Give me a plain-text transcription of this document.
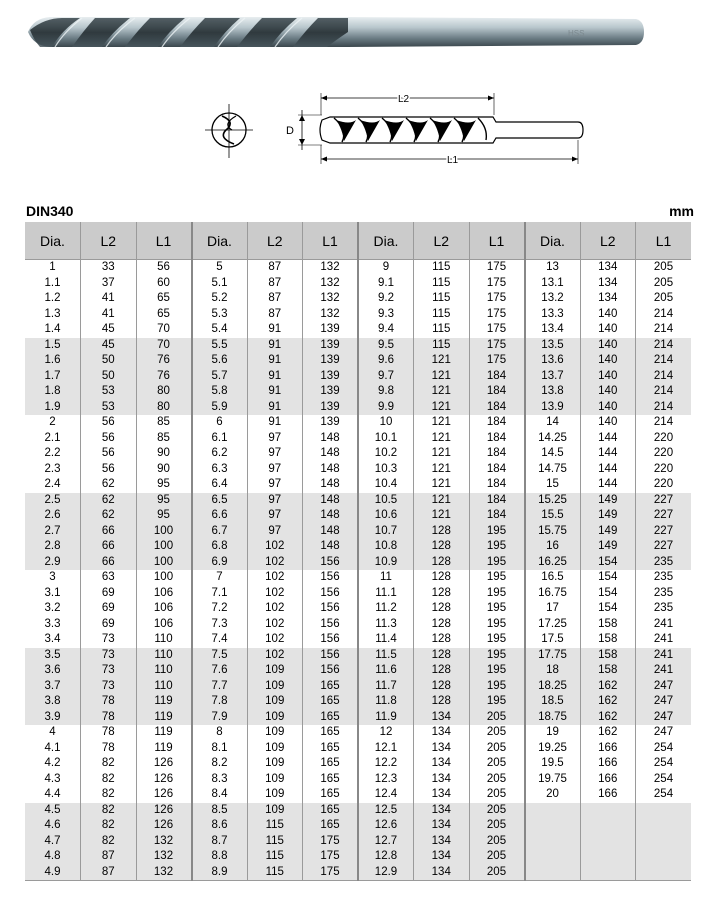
HSS
L2
L1
D
DIN340	mm
Dia.	L2	L1	Dia.	L2	L1	Dia.	L2	L1	Dia.	L2	L1
1	33	56	5	87	132	9	115	175	13	134	205
1.1	37	60	5.1	87	132	9.1	115	175	13.1	134	205
1.2	41	65	5.2	87	132	9.2	115	175	13.2	134	205
1.3	41	65	5.3	87	132	9.3	115	175	13.3	140	214
1.4	45	70	5.4	91	139	9.4	115	175	13.4	140	214
1.5	45	70	5.5	91	139	9.5	115	175	13.5	140	214
1.6	50	76	5.6	91	139	9.6	121	175	13.6	140	214
1.7	50	76	5.7	91	139	9.7	121	184	13.7	140	214
1.8	53	80	5.8	91	139	9.8	121	184	13.8	140	214
1.9	53	80	5.9	91	139	9.9	121	184	13.9	140	214
2	56	85	6	91	139	10	121	184	14	140	214
2.1	56	85	6.1	97	148	10.1	121	184	14.25	144	220
2.2	56	90	6.2	97	148	10.2	121	184	14.5	144	220
2.3	56	90	6.3	97	148	10.3	121	184	14.75	144	220
2.4	62	95	6.4	97	148	10.4	121	184	15	144	220
2.5	62	95	6.5	97	148	10.5	121	184	15.25	149	227
2.6	62	95	6.6	97	148	10.6	121	184	15.5	149	227
2.7	66	100	6.7	97	148	10.7	128	195	15.75	149	227
2.8	66	100	6.8	102	148	10.8	128	195	16	149	227
2.9	66	100	6.9	102	156	10.9	128	195	16.25	154	235
3	63	100	7	102	156	11	128	195	16.5	154	235
3.1	69	106	7.1	102	156	11.1	128	195	16.75	154	235
3.2	69	106	7.2	102	156	11.2	128	195	17	154	235
3.3	69	106	7.3	102	156	11.3	128	195	17.25	158	241
3.4	73	110	7.4	102	156	11.4	128	195	17.5	158	241
3.5	73	110	7.5	102	156	11.5	128	195	17.75	158	241
3.6	73	110	7.6	109	156	11.6	128	195	18	158	241
3.7	73	110	7.7	109	165	11.7	128	195	18.25	162	247
3.8	78	119	7.8	109	165	11.8	128	195	18.5	162	247
3.9	78	119	7.9	109	165	11.9	134	205	18.75	162	247
4	78	119	8	109	165	12	134	205	19	162	247
4.1	78	119	8.1	109	165	12.1	134	205	19.25	166	254
4.2	82	126	8.2	109	165	12.2	134	205	19.5	166	254
4.3	82	126	8.3	109	165	12.3	134	205	19.75	166	254
4.4	82	126	8.4	109	165	12.4	134	205	20	166	254
4.5	82	126	8.5	109	165	12.5	134	205			
4.6	82	126	8.6	115	165	12.6	134	205			
4.7	82	132	8.7	115	175	12.7	134	205			
4.8	87	132	8.8	115	175	12.8	134	205			
4.9	87	132	8.9	115	175	12.9	134	205			
